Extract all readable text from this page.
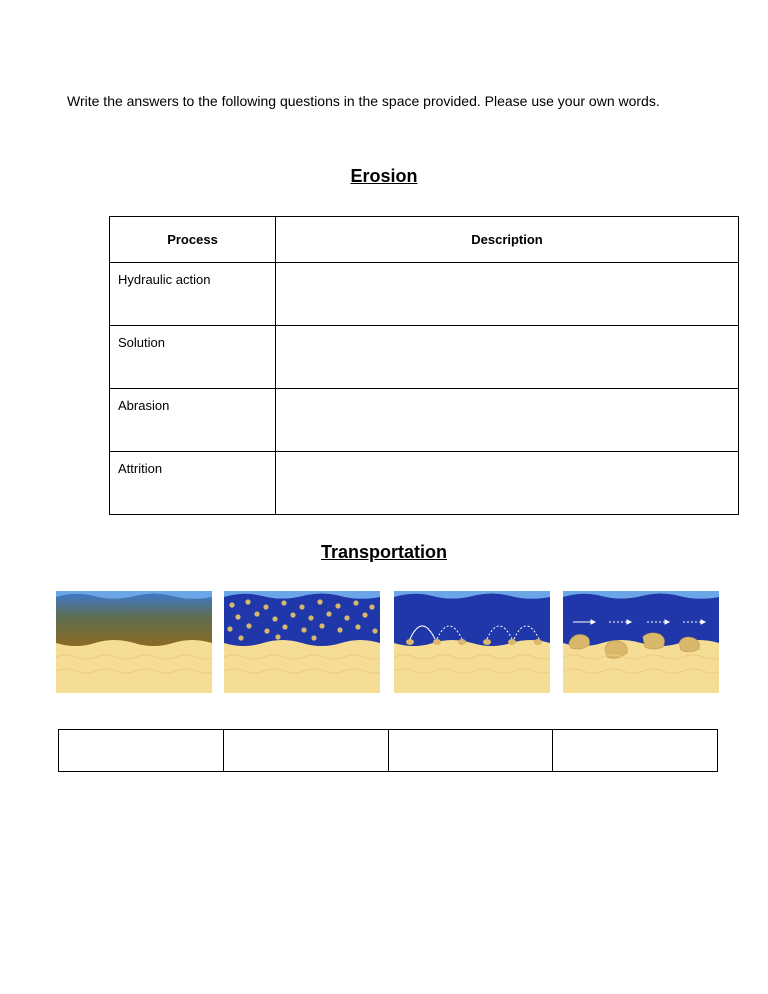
Write the answers to the following questions in the space provided. Please use your own words.
Erosion
Process	Description

Hydraulic action	

Solution	

Abrasion	

Attrition	

Transportation
